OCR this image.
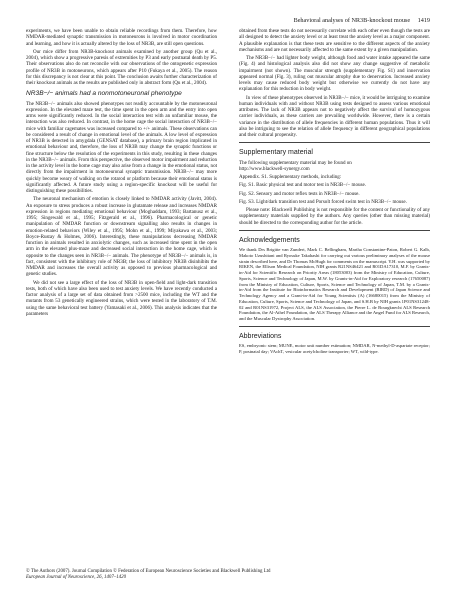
Behavioral analyses of NR3B-knockout mouse 1419

experiments, we have been unable to obtain reliable recordings from them. Therefore, how NMDAR-mediated synaptic transmission in motoneurons is involved in motor coordination and learning, and how it is actually altered by the loss of NR3B, are still open questions.

Our mice differ from NR3B-knockout animals examined by another group (Qu et al., 2004), which show a progressive paresis of extremities by P3 and early postnatal death by P5. Their observations also do not reconcile with our observations of the ontogenetic expression profile of NR3B in motoneurons, which appears after P10 (Fukaya et al., 2005). The reason for this discrepancy is not clear at this point. The conclusion awaits further characterization of their knockout animals as the results are published only in abstract form (Qu et al., 2004).

NR3B−/− animals had a nonmotoneuronal phenotype

The NR3B−/− animals also showed phenotypes not readily accountable by the motoneuronal expression. In the elevated maze test, the time spent in the open arm and the entry into open arms were significantly reduced. In the social interaction test with an unfamiliar mouse, the interaction was also reduced. In contrast, in the home cage the social interaction of NR3B−/− mice with familiar cagemates was increased compared to +/+ animals. These observations can be considered a result of change in emotional level of the animals. A low level of expression of NR3B is detected in amygdala (GENSAT database), a primary brain region implicated in emotional behaviour and, therefore, the loss of NR3B may change the synaptic functions or fine structure below the resolution of the experiments in this study, resulting in these changes in the NR3B−/− animals. From this perspective, the observed motor impairment and reduction in the activity level in the home cage may also arise from a change in the emotional status, not directly from the impairment in motoneuronal synaptic transmission. NR3B−/− may more quickly become weary of walking on the rotarod or platform because their emotional status is significantly affected. A future study using a region-specific knockout will be useful for distinguishing these possibilities.

The neuronal mechanism of emotion is closely linked to NMDAR activity (Javitt, 2004). An exposure to stress produces a robust increase in glutamate release and increases NMDAR expression in regions mediating emotional behaviour (Moghaddam, 1993; Bartanusz et al., 1995; Singewald et al., 1995; Fitzgerald et al., 1996). Pharmacological or genetic manipulation of NMDAR function or downstream signalling also results in changes in emotion-related behaviors (Wiley et al., 1995; Mohn et al., 1999; Miyakawa et al., 2003; Boyce-Rustay & Holmes, 2006). Interestingly, these manipulations decreasing NMDAR function in animals resulted in anxiolytic changes, such as increased time spent in the open arm in the elevated plus-maze and decreased social interaction in the home cage, which is opposite to the changes seen in NR3B−/− animals. The phenotype of NR3B−/− animals is, in fact, consistent with the inhibitory role of NR3B; the loss of inhibitory NR3B disinhibits the NMDAR and increases the overall activity as opposed to previous pharmacological and genetic studies.

We did not see a large effect of the loss of NR3B in open-field and light-dark transition tests, both of which have also been used to test anxiety levels. We have recently conducted a factor analysis of a large set of data obtained from >2500 mice, including the WT and the mutants from 53 genetically engineered strains, which were tested in the laboratory of T.M. using the same behavioral test battery (Yamasaki et al., 2006). This analysis indicates that the parameters

obtained from these tests do not necessarily correlate with each other even though the tests are all designed to detect the anxiety level or at least treat the anxiety level as a major component. A plausible explanation is that these tests are sensitive to the different aspects of the anxiety mechanisms and are not necessarily affected to the same extent by a given manipulation.

The NR3B−/− had lighter body weight, although food and water intake appeared the same (Fig. 4) and histological analysis also did not show any change suggestive of metabolic impairment (not shown). The muscular strength (supplementary Fig. S1) and innervation appeared normal (Fig. 3), ruling out muscular atrophy due to denervation. Increased anxiety levels may cause reduced body weight but otherwise we currently do not have any explanation for this reduction in body weight.

In view of these phenotypes observed in NR3B−/− mice, it would be intriguing to examine human individuals with and without NR3B using tests designed to assess various emotional attributes. The lack of NR3B appears not to negatively affect the survival of homozygous carrier individuals, as these carriers are prevailing worldwide. However, there is a certain variance in the distribution of allele frequencies in different human populations. Thus it will also be intriguing to see the relation of allele frequency in different geographical populations and their cultural propensity.

Supplementary material

The following supplementary material may be found on
http://www.blackwell-synergy.com

Appendix. S1. Supplementary methods, including:

Fig. S1. Basic physical test and motor test in NR3B−/− mouse.

Fig. S2. Sensory and motor reflex tests in NR3B−/− mouse.

Fig. S3. Light/dark transition test and Porsolt forced swim test in NR3B−/− mouse.

Please note: Blackwell Publishing is not responsible for the content or functionality of any supplementary materials supplied by the authors. Any queries (other than missing material) should be directed to the corresponding author for the article.

Acknowledgements

We thank Drs Brigitte van Zundert, Mark C. Bellingham, Martha Constantine-Paton, Robert G. Kalb, Makoto Uzushitani and Ryosuke Takahashi for carrying out various preliminary analyses of the mouse strain described here, and Dr Thomas McHugh for comments on the manuscript. Y.H. was supported by RIKEN, the Ellison Medical Foundation, NIH grants R21NS46421 and R01DA17310, M.F. by Grants-in-Aid for Scientific Research on Priority Areas (18053003) from the Ministry of Education, Culture, Sports, Science and Technology of Japan, M.W. by Grants-in-Aid for Exploratory research (17650087) from the Ministry of Education, Culture, Sports, Science and Technology of Japan, T.M. by a Grants-in-Aid from the Institute for Bioinformatics Research and Development (BIRD) of Japan Science and Technology Agency and a Grant-in-Aid for Young Scientists (A) (16680015) from the Ministry of Education, Culture, Sports, Science and Technology of Japan, and S.H.B by NIH grants 1P01NS31248-02 and R01NS31972, Project ALS, the ALS Association, the Pierre L. de Bourgknecht ALS Research Foundation, the Al-Athel Foundation, the ALS Therapy Alliance and the Angel Fund for ALS Research, and the Muscular Dystrophy Association.

Abbreviations

ES, embryonic stem; MUNE, motor unit number estimation; NMDAR, N-methyl-D-aspartate receptor; P, postnatal day; VAchT, vesicular acetylcholine transporter; WT, wild-type.

© The Authors (2007). Journal Compilation © Federation of European Neuroscience Societies and Blackwell Publishing Ltd
European Journal of Neuroscience, 26, 1407–1420
